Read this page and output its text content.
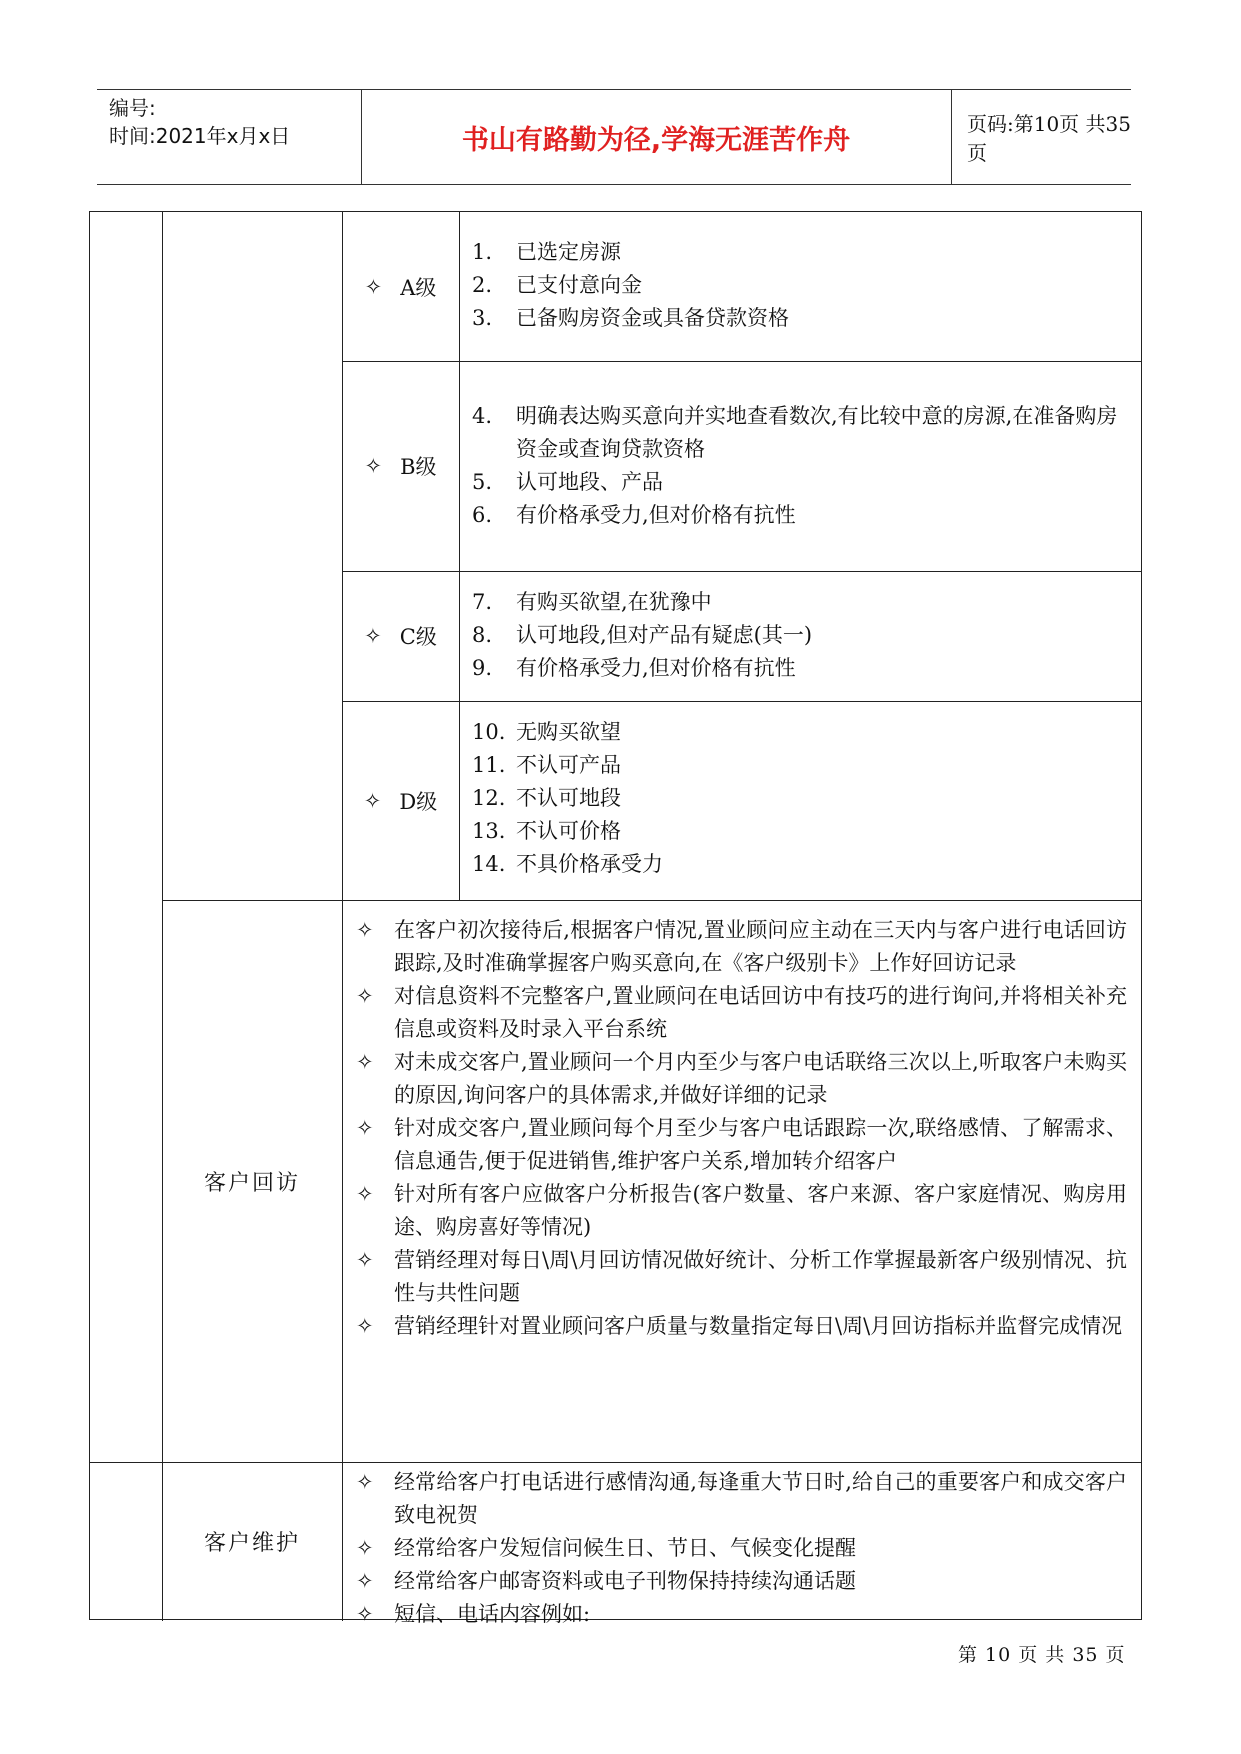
编号:
时间:2021年x月x日	书山有路勤为径,学海无涯苦作舟
页码:第10页 共35页
✧ A级
1. 已选定房源
2. 已支付意向金
3. 已备购房资金或具备贷款资格
✧ B级
4. 明确表达购买意向并实地查看数次,有比较中意的房源,在准备购房资金或查询贷款资格
5. 认可地段、产品
6. 有价格承受力,但对价格有抗性
✧ C级
7. 有购买欲望,在犹豫中
8. 认可地段,但对产品有疑虑(其一)
9. 有价格承受力,但对价格有抗性
✧ D级
10. 无购买欲望
11. 不认可产品
12. 不认可地段
13. 不认可价格
14. 不具价格承受力
客户回访
✧ 在客户初次接待后,根据客户情况,置业顾问应主动在三天内与客户进行电话回访跟踪,及时准确掌握客户购买意向,在《客户级别卡》上作好回访记录
✧ 对信息资料不完整客户,置业顾问在电话回访中有技巧的进行询问,并将相关补充信息或资料及时录入平台系统
✧ 对未成交客户,置业顾问一个月内至少与客户电话联络三次以上,听取客户未购买的原因,询问客户的具体需求,并做好详细的记录
✧ 针对成交客户,置业顾问每个月至少与客户电话跟踪一次,联络感情、了解需求、信息通告,便于促进销售,维护客户关系,增加转介绍客户
✧ 针对所有客户应做客户分析报告(客户数量、客户来源、客户家庭情况、购房用途、购房喜好等情况)
✧ 营销经理对每日\周\月回访情况做好统计、分析工作掌握最新客户级别情况、抗性与共性问题
✧ 营销经理针对置业顾问客户质量与数量指定每日\周\月回访指标并监督完成情况
客户维护
✧ 经常给客户打电话进行感情沟通,每逢重大节日时,给自己的重要客户和成交客户致电祝贺
✧ 经常给客户发短信问候生日、节日、气候变化提醒
✧ 经常给客户邮寄资料或电子刊物保持持续沟通话题
✧ 短信、电话内容例如:
第 10 页 共 35 页
